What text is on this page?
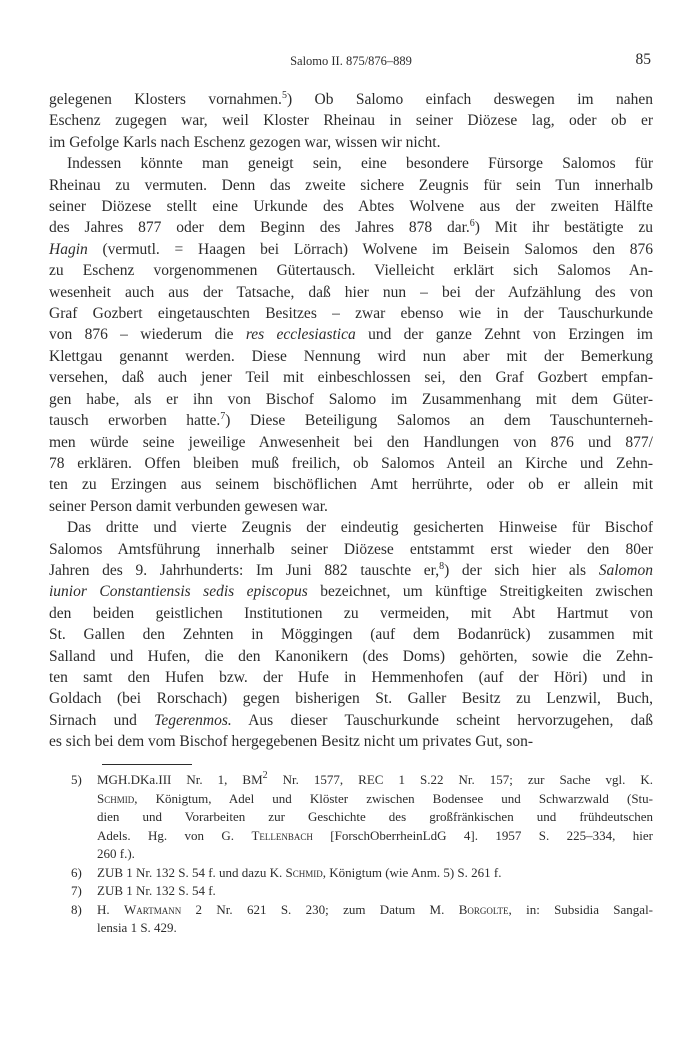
Salomo II. 875/876–889	85
gelegenen Klosters vornahmen.$^5$) Ob Salomo einfach deswegen im nahen
Eschenz zugegen war, weil Kloster Rheinau in seiner Diözese lag, oder ob er
im Gefolge Karls nach Eschenz gezogen war, wissen wir nicht.
Indessen könnte man geneigt sein, eine besondere Fürsorge Salomos für
Rheinau zu vermuten. Denn das zweite sichere Zeugnis für sein Tun innerhalb
seiner Diözese stellt eine Urkunde des Abtes Wolvene aus der zweiten Hälfte
des Jahres 877 oder dem Beginn des Jahres 878 dar.$^6$) Mit ihr bestätigte zu
Hagin (vermutl. = Haagen bei Lörrach) Wolvene im Beisein Salomos den 876
zu Eschenz vorgenommenen Gütertausch. Vielleicht erklärt sich Salomos An-
wesenheit auch aus der Tatsache, daß hier nun – bei der Aufzählung des von
Graf Gozbert eingetauschten Besitzes – zwar ebenso wie in der Tauschurkunde
von 876 – wiederum die res ecclesiastica und der ganze Zehnt von Erzingen im
Klettgau genannt werden. Diese Nennung wird nun aber mit der Bemerkung
versehen, daß auch jener Teil mit einbeschlossen sei, den Graf Gozbert empfan-
gen habe, als er ihn von Bischof Salomo im Zusammenhang mit dem Güter-
tausch erworben hatte.$^7$) Diese Beteiligung Salomos an dem Tauschunterneh-
men würde seine jeweilige Anwesenheit bei den Handlungen von 876 und 877/
78 erklären. Offen bleiben muß freilich, ob Salomos Anteil an Kirche und Zehn-
ten zu Erzingen aus seinem bischöflichen Amt herrührte, oder ob er allein mit
seiner Person damit verbunden gewesen war.
Das dritte und vierte Zeugnis der eindeutig gesicherten Hinweise für Bischof
Salomos Amtsführung innerhalb seiner Diözese entstammt erst wieder den 80er
Jahren des 9. Jahrhunderts: Im Juni 882 tauschte er,$^8$) der sich hier als Salomon
iunior Constantiensis sedis episcopus bezeichnet, um künftige Streitigkeiten zwischen
den beiden geistlichen Institutionen zu vermeiden, mit Abt Hartmut von
St. Gallen den Zehnten in Möggingen (auf dem Bodanrück) zusammen mit
Salland und Hufen, die den Kanonikern (des Doms) gehörten, sowie die Zehn-
ten samt den Hufen bzw. der Hufe in Hemmenhofen (auf der Höri) und in
Goldach (bei Rorschach) gegen bisherigen St. Galler Besitz zu Lenzwil, Buch,
Sirnach und Tegerenmos. Aus dieser Tauschurkunde scheint hervorzugehen, daß
es sich bei dem vom Bischof hergegebenen Besitz nicht um privates Gut, son-
5) MGH.DKa.III Nr. 1, $BM^2$ Nr. 1577, REC 1 S.22 Nr. 157; zur Sache vgl. K.
Schmid, Königtum, Adel und Klöster zwischen Bodensee und Schwarzwald (Stu-
dien und Vorarbeiten zur Geschichte des großfränkischen und frühdeutschen
Adels. Hg. von G. Tellenbach [ForschOberrheinLdG 4]. 1957 S. 225–334, hier
260 f.).
6) ZUB 1 Nr. 132 S. 54 f. und dazu K. Schmid, Königtum (wie Anm. 5) S. 261 f.
7) ZUB 1 Nr. 132 S. 54 f.
8) H. Wartmann 2 Nr. 621 S. 230; zum Datum M. Borgolte, in: Subsidia Sangal-
lensia 1 S. 429.
